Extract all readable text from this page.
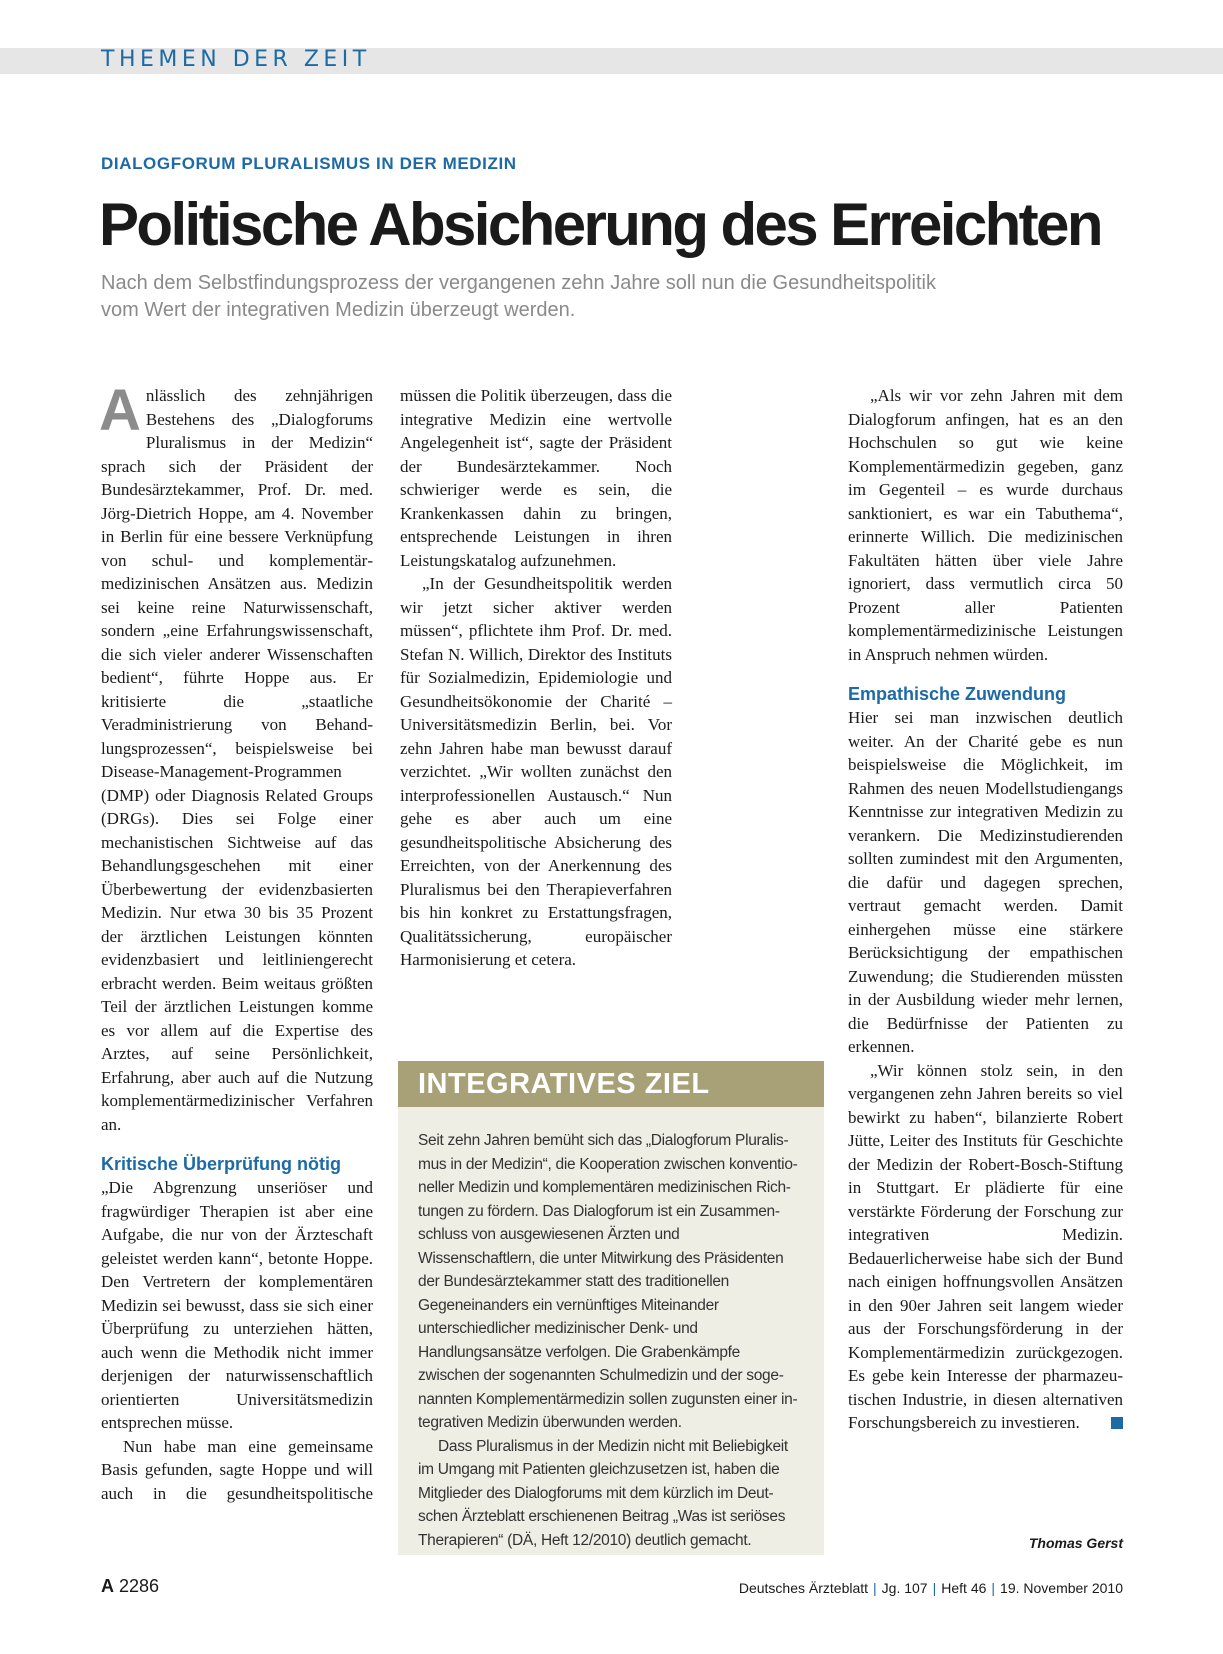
THEMEN DER ZEIT
DIALOGFORUM PLURALISMUS IN DER MEDIZIN
Politische Absicherung des Erreichten
Nach dem Selbstfindungsprozess der vergangenen zehn Jahre soll nun die Gesundheitspolitik vom Wert der integrativen Medizin überzeugt werden.

Anlässlich des zehnjährigen Bestehens des „Dialogforums Pluralismus in der Medizin“ sprach sich der Präsident der Bundesärztekammer, Prof. Dr. med. Jörg-Dietrich Hoppe, am 4. November in Berlin für eine bessere Verknüpfung von schul- und komplementärmedizinischen Ansätzen aus. Medizin sei keine reine Naturwissenschaft, sondern „eine Erfahrungswissenschaft, die sich vieler anderer Wissenschaften bedient“, führte Hoppe aus. Er kritisierte die „staatliche Veradministrierung von Behandlungsprozessen“, beispielsweise bei Disease-Management-Programmen (DMP) oder Diagnosis Related Groups (DRGs). Dies sei Folge einer mechanistischen Sichtweise auf das Behandlungsgeschehen mit einer Überbewertung der evidenzbasierten Medizin. Nur etwa 30 bis 35 Prozent der ärztlichen Leistungen könnten evidenzbasiert und leitliniengerecht erbracht werden. Beim weitaus größten Teil der ärztlichen Leistungen komme es vor allem auf die Expertise des Arztes, auf seine Persönlichkeit, Erfahrung, aber auch auf die Nutzung komplementärmedizinischer Verfahren an.

Kritische Überprüfung nötig

„Die Abgrenzung unseriöser und fragwürdiger Therapien ist aber eine Aufgabe, die nur von der Ärzteschaft geleistet werden kann“, betonte Hoppe. Den Vertretern der komplementären Medizin sei bewusst, dass sie sich einer Überprüfung zu unterziehen hätten, auch wenn die Methodik nicht immer derjenigen der naturwissenschaftlich orientierten Universitätsmedizin entsprechen müsse.

Nun habe man eine gemeinsame Basis gefunden, sagte Hoppe und will auch in die gesundheitspolitische

müssen die Politik überzeugen, dass die integrative Medizin eine wertvolle Angelegenheit ist“, sagte der Präsident der Bundesärztekammer. Noch schwieriger werde es sein, die Krankenkassen dahin zu bringen, entsprechende Leistungen in ihren Leistungskatalog aufzunehmen.

„In der Gesundheitspolitik werden wir jetzt sicher aktiver werden müssen“, pflichtete ihm Prof. Dr. med. Stefan N. Willich, Direktor des Instituts für Sozialmedizin, Epidemiologie und Gesundheitsökonomie der Charité – Universitätsmedizin Berlin, bei. Vor zehn Jahren habe man bewusst darauf verzichtet. „Wir wollten zunächst den interprofessionellen Austausch.“ Nun gehe es aber auch um eine gesundheitspolitische Absicherung des Erreichten, von der Anerkennung des Pluralismus bei den Therapieverfahren bis hin konkret zu Erstattungsfragen, Qualitätssicherung, europäischer Harmonisierung et cetera.

INTEGRATIVES ZIEL

Seit zehn Jahren bemüht sich das „Dialogforum Pluralismus in der Medizin“, die Kooperation zwischen konventioneller Medizin und komplementären medizinischen Richtungen zu fördern. Das Dialogforum ist ein Zusammenschluss von ausgewiesenen Ärzten und Wissenschaftlern, die unter Mitwirkung des Präsidenten der Bundesärztekammer statt des traditionellen Gegeneinanders ein vernünftiges Miteinander unterschiedlicher medizinischer Denk- und Handlungsansätze verfolgen. Die Grabenkämpfe zwischen der sogenannten Schulmedizin und der sogenannten Komplementärmedizin sollen zugunsten einer integrativen Medizin überwunden werden.

Dass Pluralismus in der Medizin nicht mit Beliebigkeit im Umgang mit Patienten gleichzusetzen ist, haben die Mitglieder des Dialogforums mit dem kürzlich im Deutschen Ärzteblatt erschienenen Beitrag „Was ist seriöses Therapieren“ (DÄ, Heft 12/2010) deutlich gemacht.

„Als wir vor zehn Jahren mit dem Dialogforum anfingen, hat es an den Hochschulen so gut wie keine Komplementärmedizin gegeben, ganz im Gegenteil – es wurde durchaus sanktioniert, es war ein Tabuthema“, erinnerte Willich. Die medizinischen Fakultäten hätten über viele Jahre ignoriert, dass vermutlich circa 50 Prozent aller Patienten komplementärmedizinische Leistungen in Anspruch nehmen würden.

Empathische Zuwendung

Hier sei man inzwischen deutlich weiter. An der Charité gebe es nun beispielsweise die Möglichkeit, im Rahmen des neuen Modellstudiengangs Kenntnisse zur integrativen Medizin zu verankern. Die Medizinstudierenden sollten zumindest mit den Argumenten, die dafür und dagegen sprechen, vertraut gemacht werden. Damit einhergehen müsse eine stärkere Berücksichtigung der empathischen Zuwendung; die Studierenden müssten in der Ausbildung wieder mehr lernen, die Bedürfnisse der Patienten zu erkennen.

„Wir können stolz sein, in den vergangenen zehn Jahren bereits so viel bewirkt zu haben“, bilanzierte Robert Jütte, Leiter des Instituts für Geschichte der Medizin der Robert-Bosch-Stiftung in Stuttgart. Er plädierte für eine verstärkte Förderung der Forschung zur integrativen Medizin. Bedauerlicherweise habe sich der Bund nach einigen hoffnungsvollen Ansätzen in den 90er Jahren seit langem wieder aus der Forschungsförderung in der Komplementärmedizin zurückgezogen. Es gebe kein Interesse der pharmazeutischen Industrie, in diesen alternativen Forschungsbereich zu investieren.

Thomas Gerst
A 2286	Deutsches Ärzteblatt | Jg. 107 | Heft 46 | 19. November 2010
